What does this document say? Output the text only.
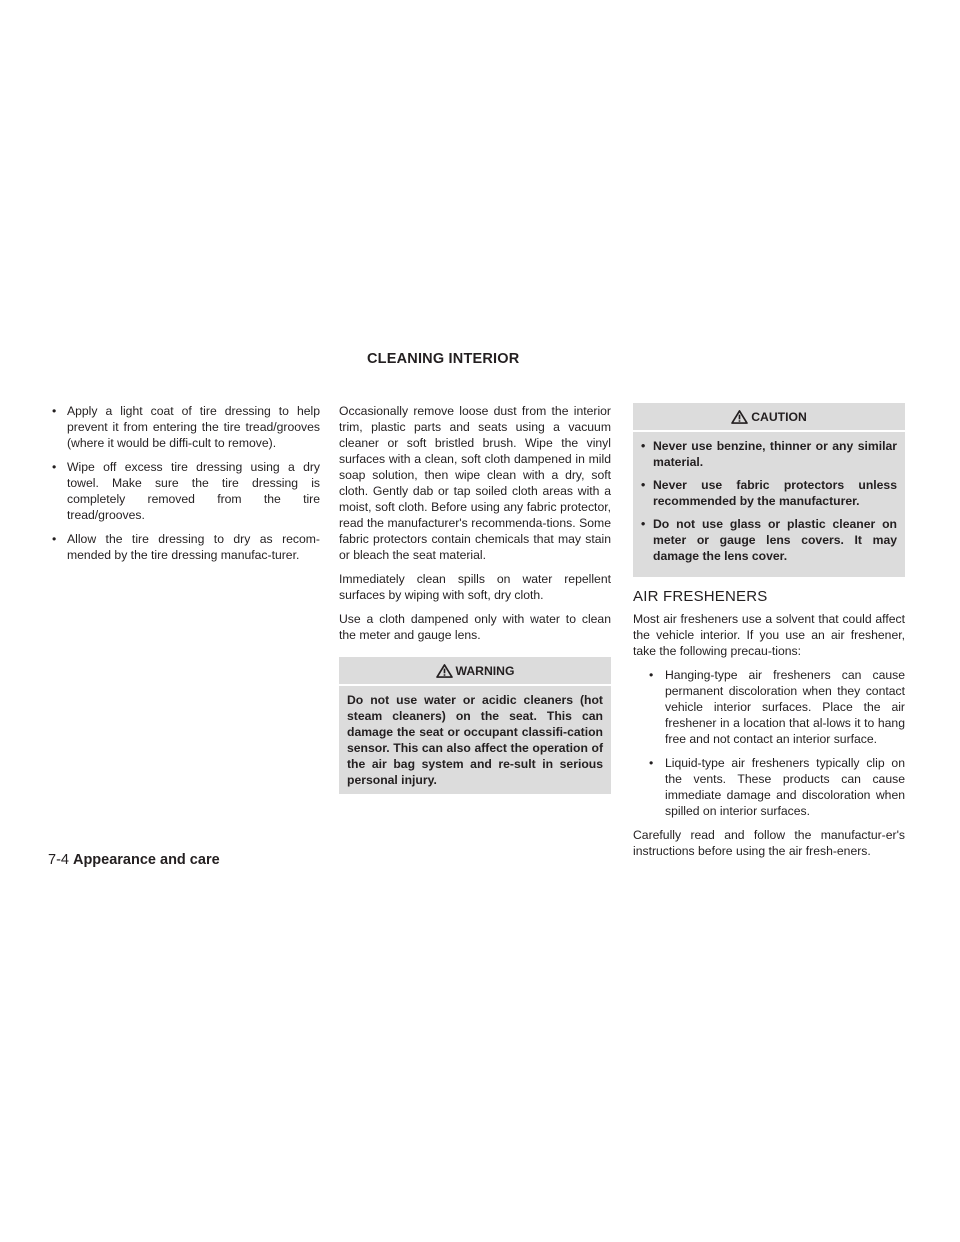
CLEANING INTERIOR
• Apply a light coat of tire dressing to help prevent it from entering the tire tread/grooves (where it would be diffi-cult to remove).
• Wipe off excess tire dressing using a dry towel. Make sure the tire dressing is completely removed from the tire tread/grooves.
• Allow the tire dressing to dry as recom-mended by the tire dressing manufac-turer.

Occasionally remove loose dust from the interior trim, plastic parts and seats using a vacuum cleaner or soft bristled brush. Wipe the vinyl surfaces with a clean, soft cloth dampened in mild soap solution, then wipe clean with a dry, soft cloth. Gently dab or tap soiled cloth areas with a moist, soft cloth. Before using any fabric protector, read the manufacturer's recommenda-tions. Some fabric protectors contain chemicals that may stain or bleach the seat material.

Immediately clean spills on water repellent surfaces by wiping with soft, dry cloth.

Use a cloth dampened only with water to clean the meter and gauge lens.

WARNING

Do not use water or acidic cleaners (hot steam cleaners) on the seat. This can damage the seat or occupant classifi-cation sensor. This can also affect the operation of the air bag system and re-sult in serious personal injury.

CAUTION
• Never use benzine, thinner or any similar material.
• Never use fabric protectors unless recommended by the manufacturer.
• Do not use glass or plastic cleaner on meter or gauge lens covers. It may damage the lens cover.
AIR FRESHENERS

Most air fresheners use a solvent that could affect the vehicle interior. If you use an air freshener, take the following precau-tions:

• Hanging-type air fresheners can cause permanent discoloration when they contact vehicle interior surfaces. Place the air freshener in a location that al-lows it to hang free and not contact an interior surface.
• Liquid-type air fresheners typically clip on the vents. These products can cause immediate damage and discoloration when spilled on interior surfaces.

Carefully read and follow the manufactur-er's instructions before using the air fresh-eners.

7-4 Appearance and care
